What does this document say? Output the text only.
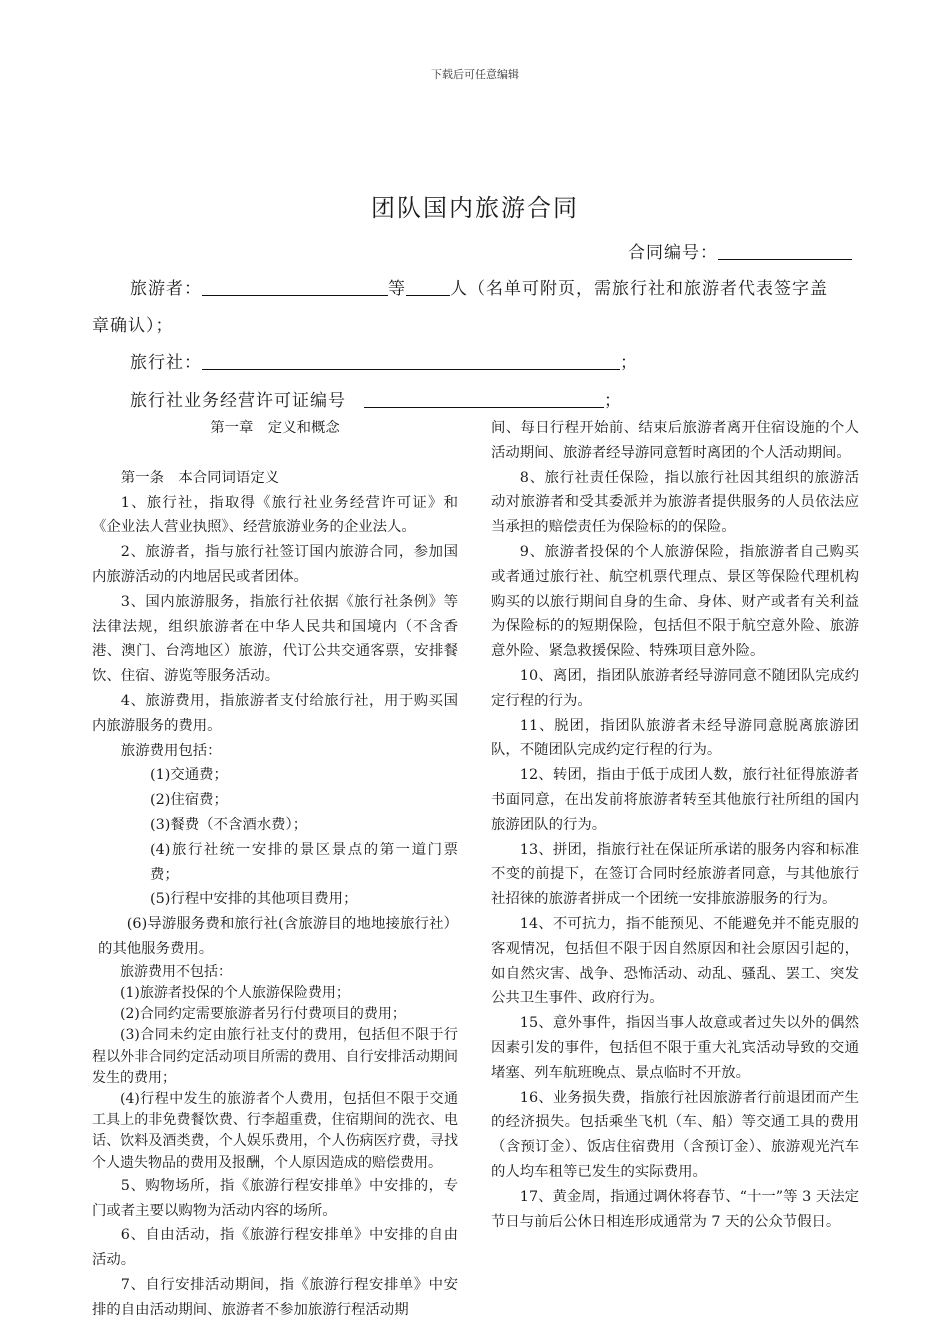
下载后可任意编辑
团队国内旅游合同
合同编号：
旅游者：	等	人（名单可附页，需旅行社和旅游者代表签字盖
章确认）；
旅行社：	；
旅行社业务经营许可证编号	；

第一章　定义和概念

第一条　本合同词语定义

1、旅行社，指取得《旅行社业务经营许可证》和《企业法人营业执照》、经营旅游业务的企业法人。

2、旅游者，指与旅行社签订国内旅游合同，参加国内旅游活动的内地居民或者团体。

3、国内旅游服务，指旅行社依据《旅行社条例》等法律法规，组织旅游者在中华人民共和国境内（不含香港、澳门、台湾地区）旅游，代订公共交通客票，安排餐饮、住宿、游览等服务活动。

4、旅游费用，指旅游者支付给旅行社，用于购买国内旅游服务的费用。

旅游费用包括：

(1)交通费；

(2)住宿费；

(3)餐费（不含酒水费）；

(4)旅行社统一安排的景区景点的第一道门票费；

(5)行程中安排的其他项目费用；

(6)导游服务费和旅行社(含旅游目的地地接旅行社）的其他服务费用。

旅游费用不包括：

(1)旅游者投保的个人旅游保险费用；

(2)合同约定需要旅游者另行付费项目的费用；

(3)合同未约定由旅行社支付的费用，包括但不限于行程以外非合同约定活动项目所需的费用、自行安排活动期间发生的费用；

(4)行程中发生的旅游者个人费用，包括但不限于交通工具上的非免费餐饮费、行李超重费，住宿期间的洗衣、电话、饮料及酒类费，个人娱乐费用，个人伤病医疗费，寻找个人遗失物品的费用及报酬，个人原因造成的赔偿费用。

5、购物场所，指《旅游行程安排单》中安排的，专门或者主要以购物为活动内容的场所。

6、自由活动，指《旅游行程安排单》中安排的自由活动。

7、自行安排活动期间，指《旅游行程安排单》中安排的自由活动期间、旅游者不参加旅游行程活动期

间、每日行程开始前、结束后旅游者离开住宿设施的个人活动期间、旅游者经导游同意暂时离团的个人活动期间。

8、旅行社责任保险，指以旅行社因其组织的旅游活动对旅游者和受其委派并为旅游者提供服务的人员依法应当承担的赔偿责任为保险标的的保险。

9、旅游者投保的个人旅游保险，指旅游者自己购买或者通过旅行社、航空机票代理点、景区等保险代理机构购买的以旅行期间自身的生命、身体、财产或者有关利益为保险标的的短期保险，包括但不限于航空意外险、旅游意外险、紧急救援保险、特殊项目意外险。

10、离团，指团队旅游者经导游同意不随团队完成约定行程的行为。

11、脱团，指团队旅游者未经导游同意脱离旅游团队，不随团队完成约定行程的行为。

12、转团，指由于低于成团人数，旅行社征得旅游者书面同意，在出发前将旅游者转至其他旅行社所组的国内旅游团队的行为。

13、拼团，指旅行社在保证所承诺的服务内容和标准不变的前提下，在签订合同时经旅游者同意，与其他旅行社招徕的旅游者拼成一个团统一安排旅游服务的行为。

14、不可抗力，指不能预见、不能避免并不能克服的客观情况，包括但不限于因自然原因和社会原因引起的，如自然灾害、战争、恐怖活动、动乱、骚乱、罢工、突发公共卫生事件、政府行为。

15、意外事件，指因当事人故意或者过失以外的偶然因素引发的事件，包括但不限于重大礼宾活动导致的交通堵塞、列车航班晚点、景点临时不开放。

16、业务损失费，指旅行社因旅游者行前退团而产生的经济损失。包括乘坐飞机（车、船）等交通工具的费用（含预订金）、饭店住宿费用（含预订金）、旅游观光汽车的人均车租等已发生的实际费用。

17、黄金周，指通过调休将春节、“十一”等 3 天法定节日与前后公休日相连形成通常为 7 天的公众节假日。
